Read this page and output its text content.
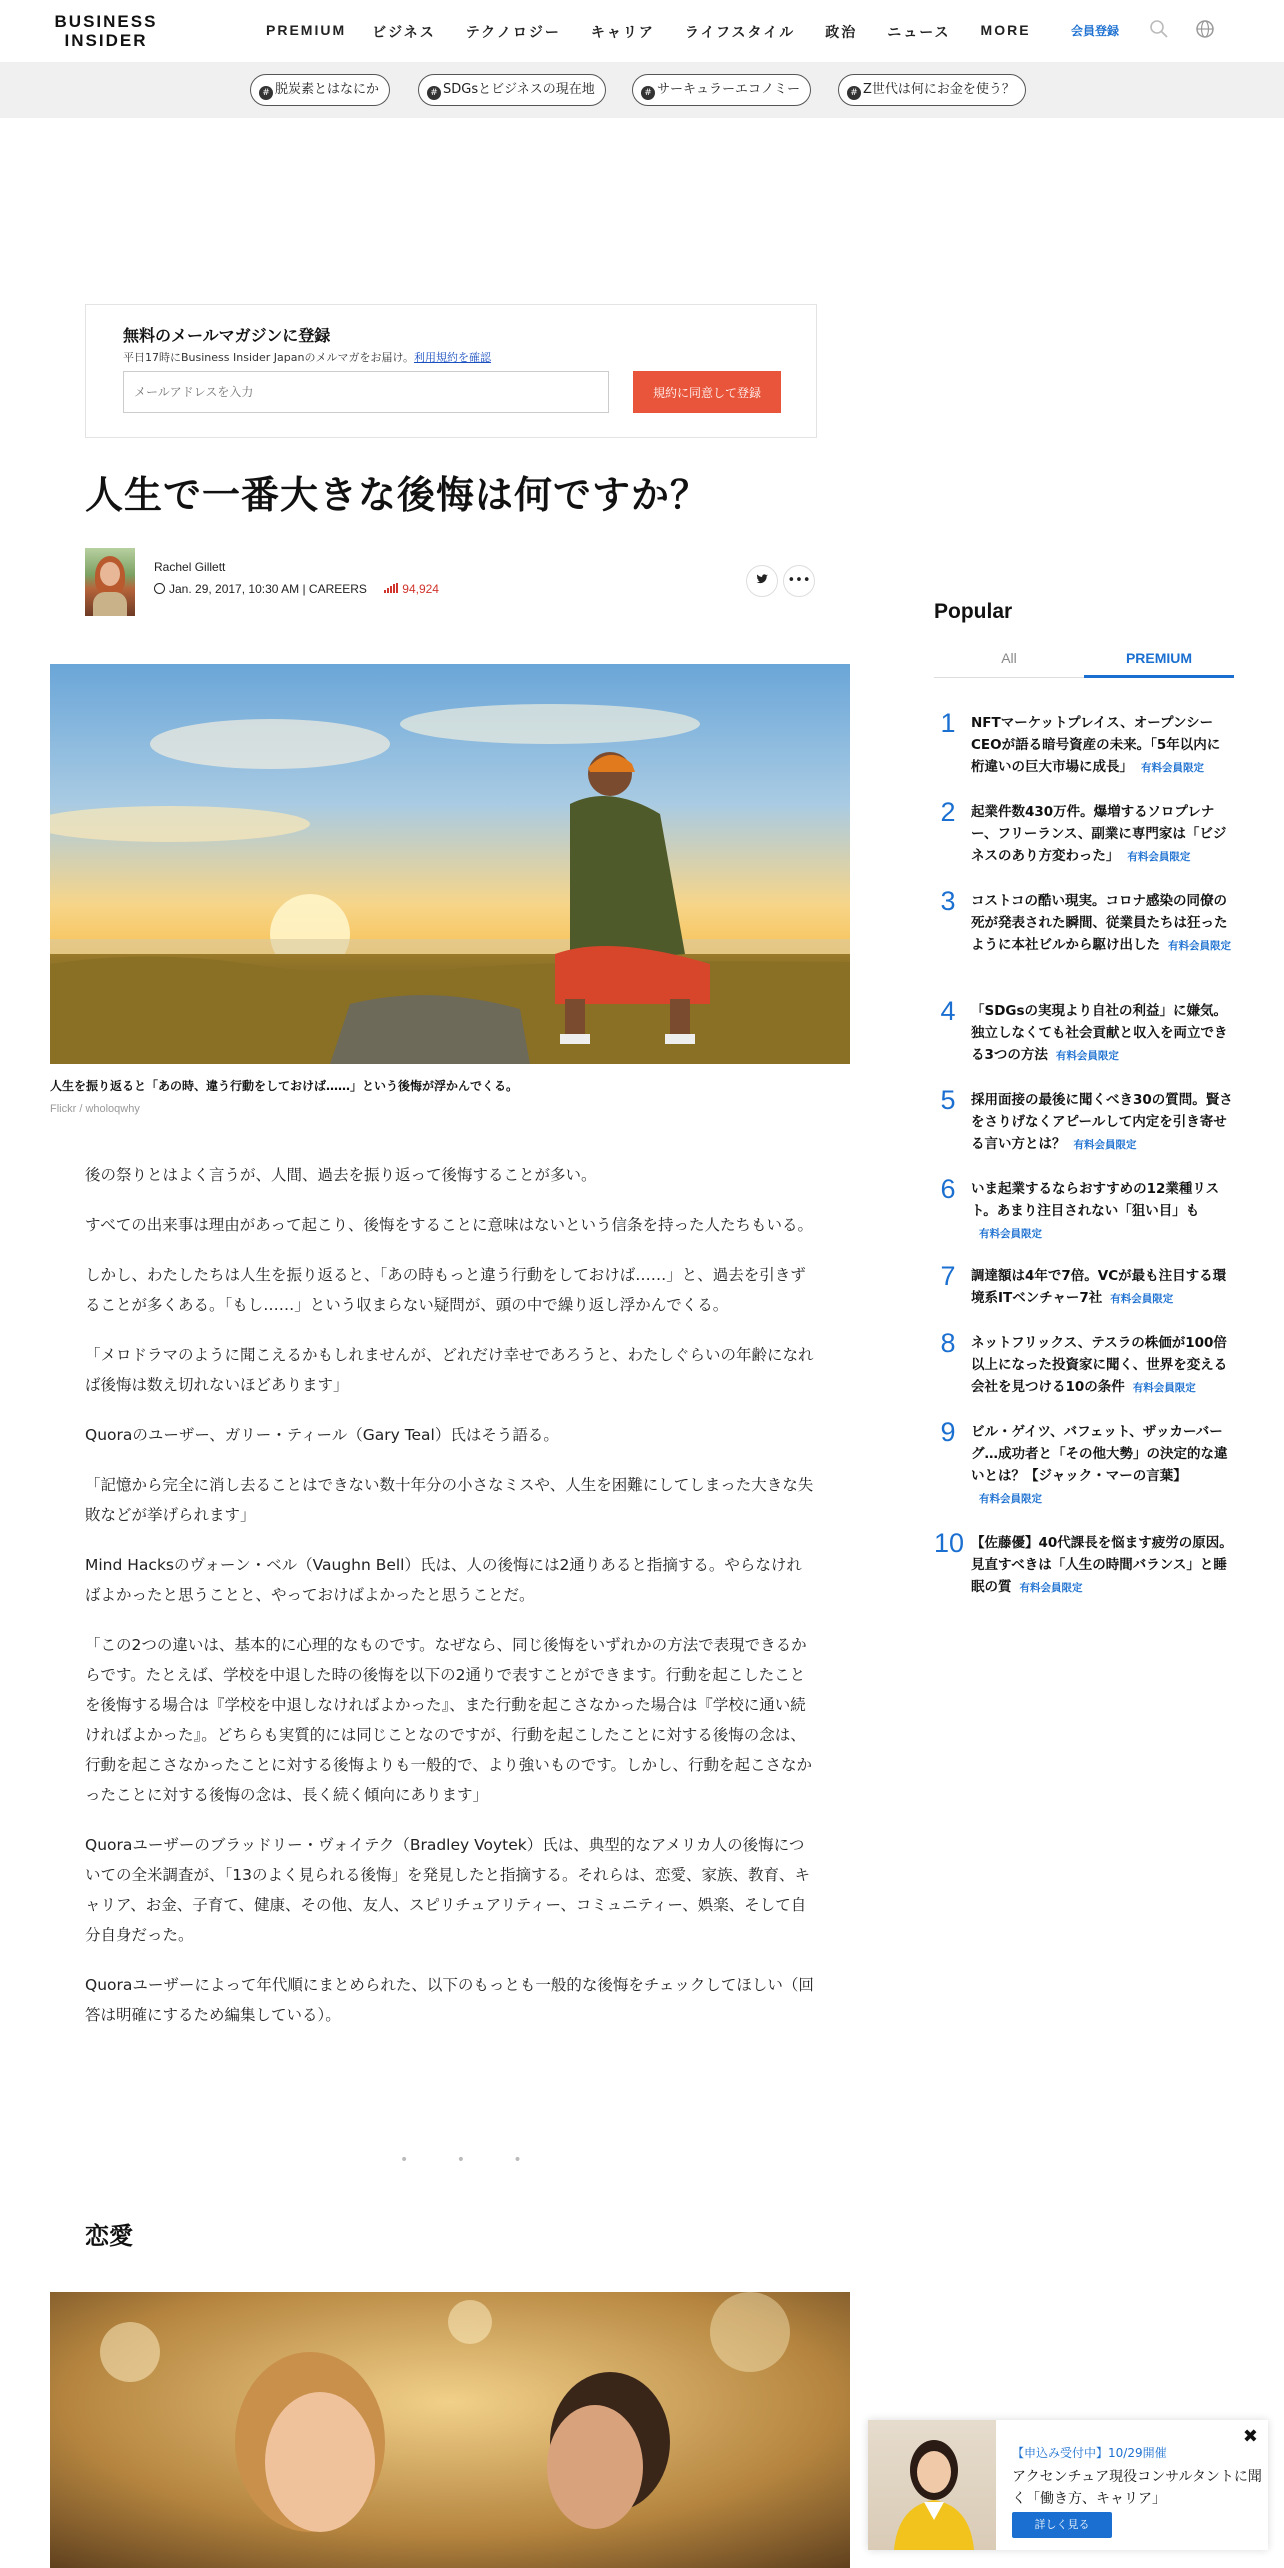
BUSINESS
INSIDER
PREMIUM ビジネス テクノロジー キャリア ライフスタイル 政治 ニュース MORE	会員登録
# 脱炭素とはなにか	# SDGsとビジネスの現在地	# サーキュラーエコノミー	# Z世代は何にお金を使う？
無料のメールマガジンに登録
平日17時にBusiness Insider Japanのメルマガをお届け。利用規約を確認
メールアドレスを入力
規約に同意して登録
人生で一番大きな後悔は何ですか？
Rachel Gillett
Jan. 29, 2017, 10:30 AM | CAREERS	94,924
•••
人生を振り返ると「あの時、違う行動をしておけば……」という後悔が浮かんでくる。
Flickr / wholoqwhy

後の祭りとはよく言うが、人間、過去を振り返って後悔することが多い。

すべての出来事は理由があって起こり、後悔をすることに意味はないという信条を持った人たちもいる。

しかし、わたしたちは人生を振り返ると、「あの時もっと違う行動をしておけば……」と、過去を引きずることが多くある。「もし……」という収まらない疑問が、頭の中で繰り返し浮かんでくる。

「メロドラマのように聞こえるかもしれませんが、どれだけ幸せであろうと、わたしぐらいの年齢になれば後悔は数え切れないほどあります」

Quoraのユーザー、ガリー・ティール（Gary Teal）氏はそう語る。

「記憶から完全に消し去ることはできない数十年分の小さなミスや、人生を困難にしてしまった大きな失敗などが挙げられます」

Mind Hacksのヴォーン・ベル（Vaughn Bell）氏は、人の後悔には2通りあると指摘する。やらなければよかったと思うことと、やっておけばよかったと思うことだ。

「この2つの違いは、基本的に心理的なものです。なぜなら、同じ後悔をいずれかの方法で表現できるからです。たとえば、学校を中退した時の後悔を以下の2通りで表すことができます。行動を起こしたことを後悔する場合は『学校を中退しなければよかった』、また行動を起こさなかった場合は『学校に通い続ければよかった』。どちらも実質的には同じことなのですが、行動を起こしたことに対する後悔の念は、行動を起こさなかったことに対する後悔よりも一般的で、より強いものです。しかし、行動を起こさなかったことに対する後悔の念は、長く続く傾向にあります」

Quoraユーザーのブラッドリー・ヴォイテク（Bradley Voytek）氏は、典型的なアメリカ人の後悔についての全米調査が、「13のよく見られる後悔」を発見したと指摘する。それらは、恋愛、家族、教育、キャリア、お金、子育て、健康、その他、友人、スピリチュアリティー、コミュニティー、娯楽、そして自分自身だった。

Quoraユーザーによって年代順にまとめられた、以下のもっとも一般的な後悔をチェックしてほしい（回答は明確にするため編集している）。

• • •
恋愛
Popular
All	PREMIUM
1	NFTマーケットプレイス、オープンシーCEOが語る暗号資産の未来。「5年以内に桁違いの巨大市場に成長」 有料会員限定
2	起業件数430万件。爆増するソロプレナー、フリーランス、副業に専門家は「ビジネスのあり方変わった」 有料会員限定
3	コストコの酷い現実。コロナ感染の同僚の死が発表された瞬間、従業員たちは狂ったように本社ビルから駆け出した 有料会員限定
4	「SDGsの実現より自社の利益」に嫌気。独立しなくても社会貢献と収入を両立できる3つの方法 有料会員限定
5	採用面接の最後に聞くべき30の質問。賢さをさりげなくアピールして内定を引き寄せる言い方とは？ 有料会員限定
6	いま起業するならおすすめの12業種リスト。あまり注目されない「狙い目」も有料会員限定
7	調達額は4年で7倍。VCが最も注目する環境系ITベンチャー7社 有料会員限定
8	ネットフリックス、テスラの株価が100倍以上になった投資家に聞く、世界を変える会社を見つける10の条件 有料会員限定
9	ビル・ゲイツ、バフェット、ザッカーバーグ…成功者と「その他大勢」の決定的な違いとは？【ジャック・マーの言葉】有料会員限定
10 【佐藤優】40代課長を悩ます疲労の原因。見直すべきは「人生の時間バランス」と睡眠の質 有料会員限定
✖
【申込み受付中】10/29開催
アクセンチュア現役コンサルタントに聞く「働き方、キャリア」
詳しく見る
